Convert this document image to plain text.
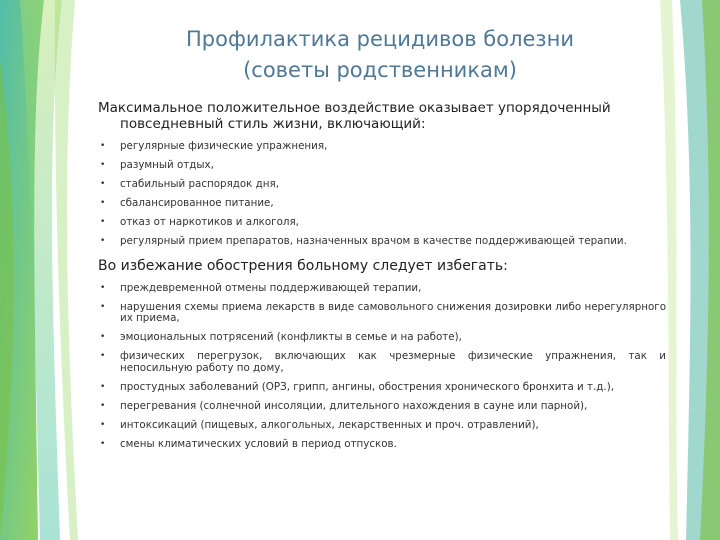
Профилактика рецидивов болезни
(советы родственникам)

Максимальное положительное воздействие оказывает упорядоченный повседневный стиль жизни, включающий:

• регулярные физические упражнения,
• разумный отдых,
• стабильный распорядок дня,
• сбалансированное питание,
• отказ от наркотиков и алкоголя,
• регулярный прием препаратов, назначенных врачом в качестве поддерживающей терапии.
Во избежание обострения больному следует избегать:
• преждевременной отмены поддерживающей терапии,
• нарушения схемы приема лекарств в виде самовольного снижения дозировки либо нерегулярного их приема,
• эмоциональных потрясений (конфликты в семье и на работе),
• физических перегрузок, включающих как чрезмерные физические упражнения, так и непосильную работу по дому,
• простудных заболеваний (ОРЗ, грипп, ангины, обострения хронического бронхита и т.д.),
• перегревания (солнечной инсоляции, длительного нахождения в сауне или парной),
• интоксикаций (пищевых, алкогольных, лекарственных и проч. отравлений),
• смены климатических условий в период отпусков.
